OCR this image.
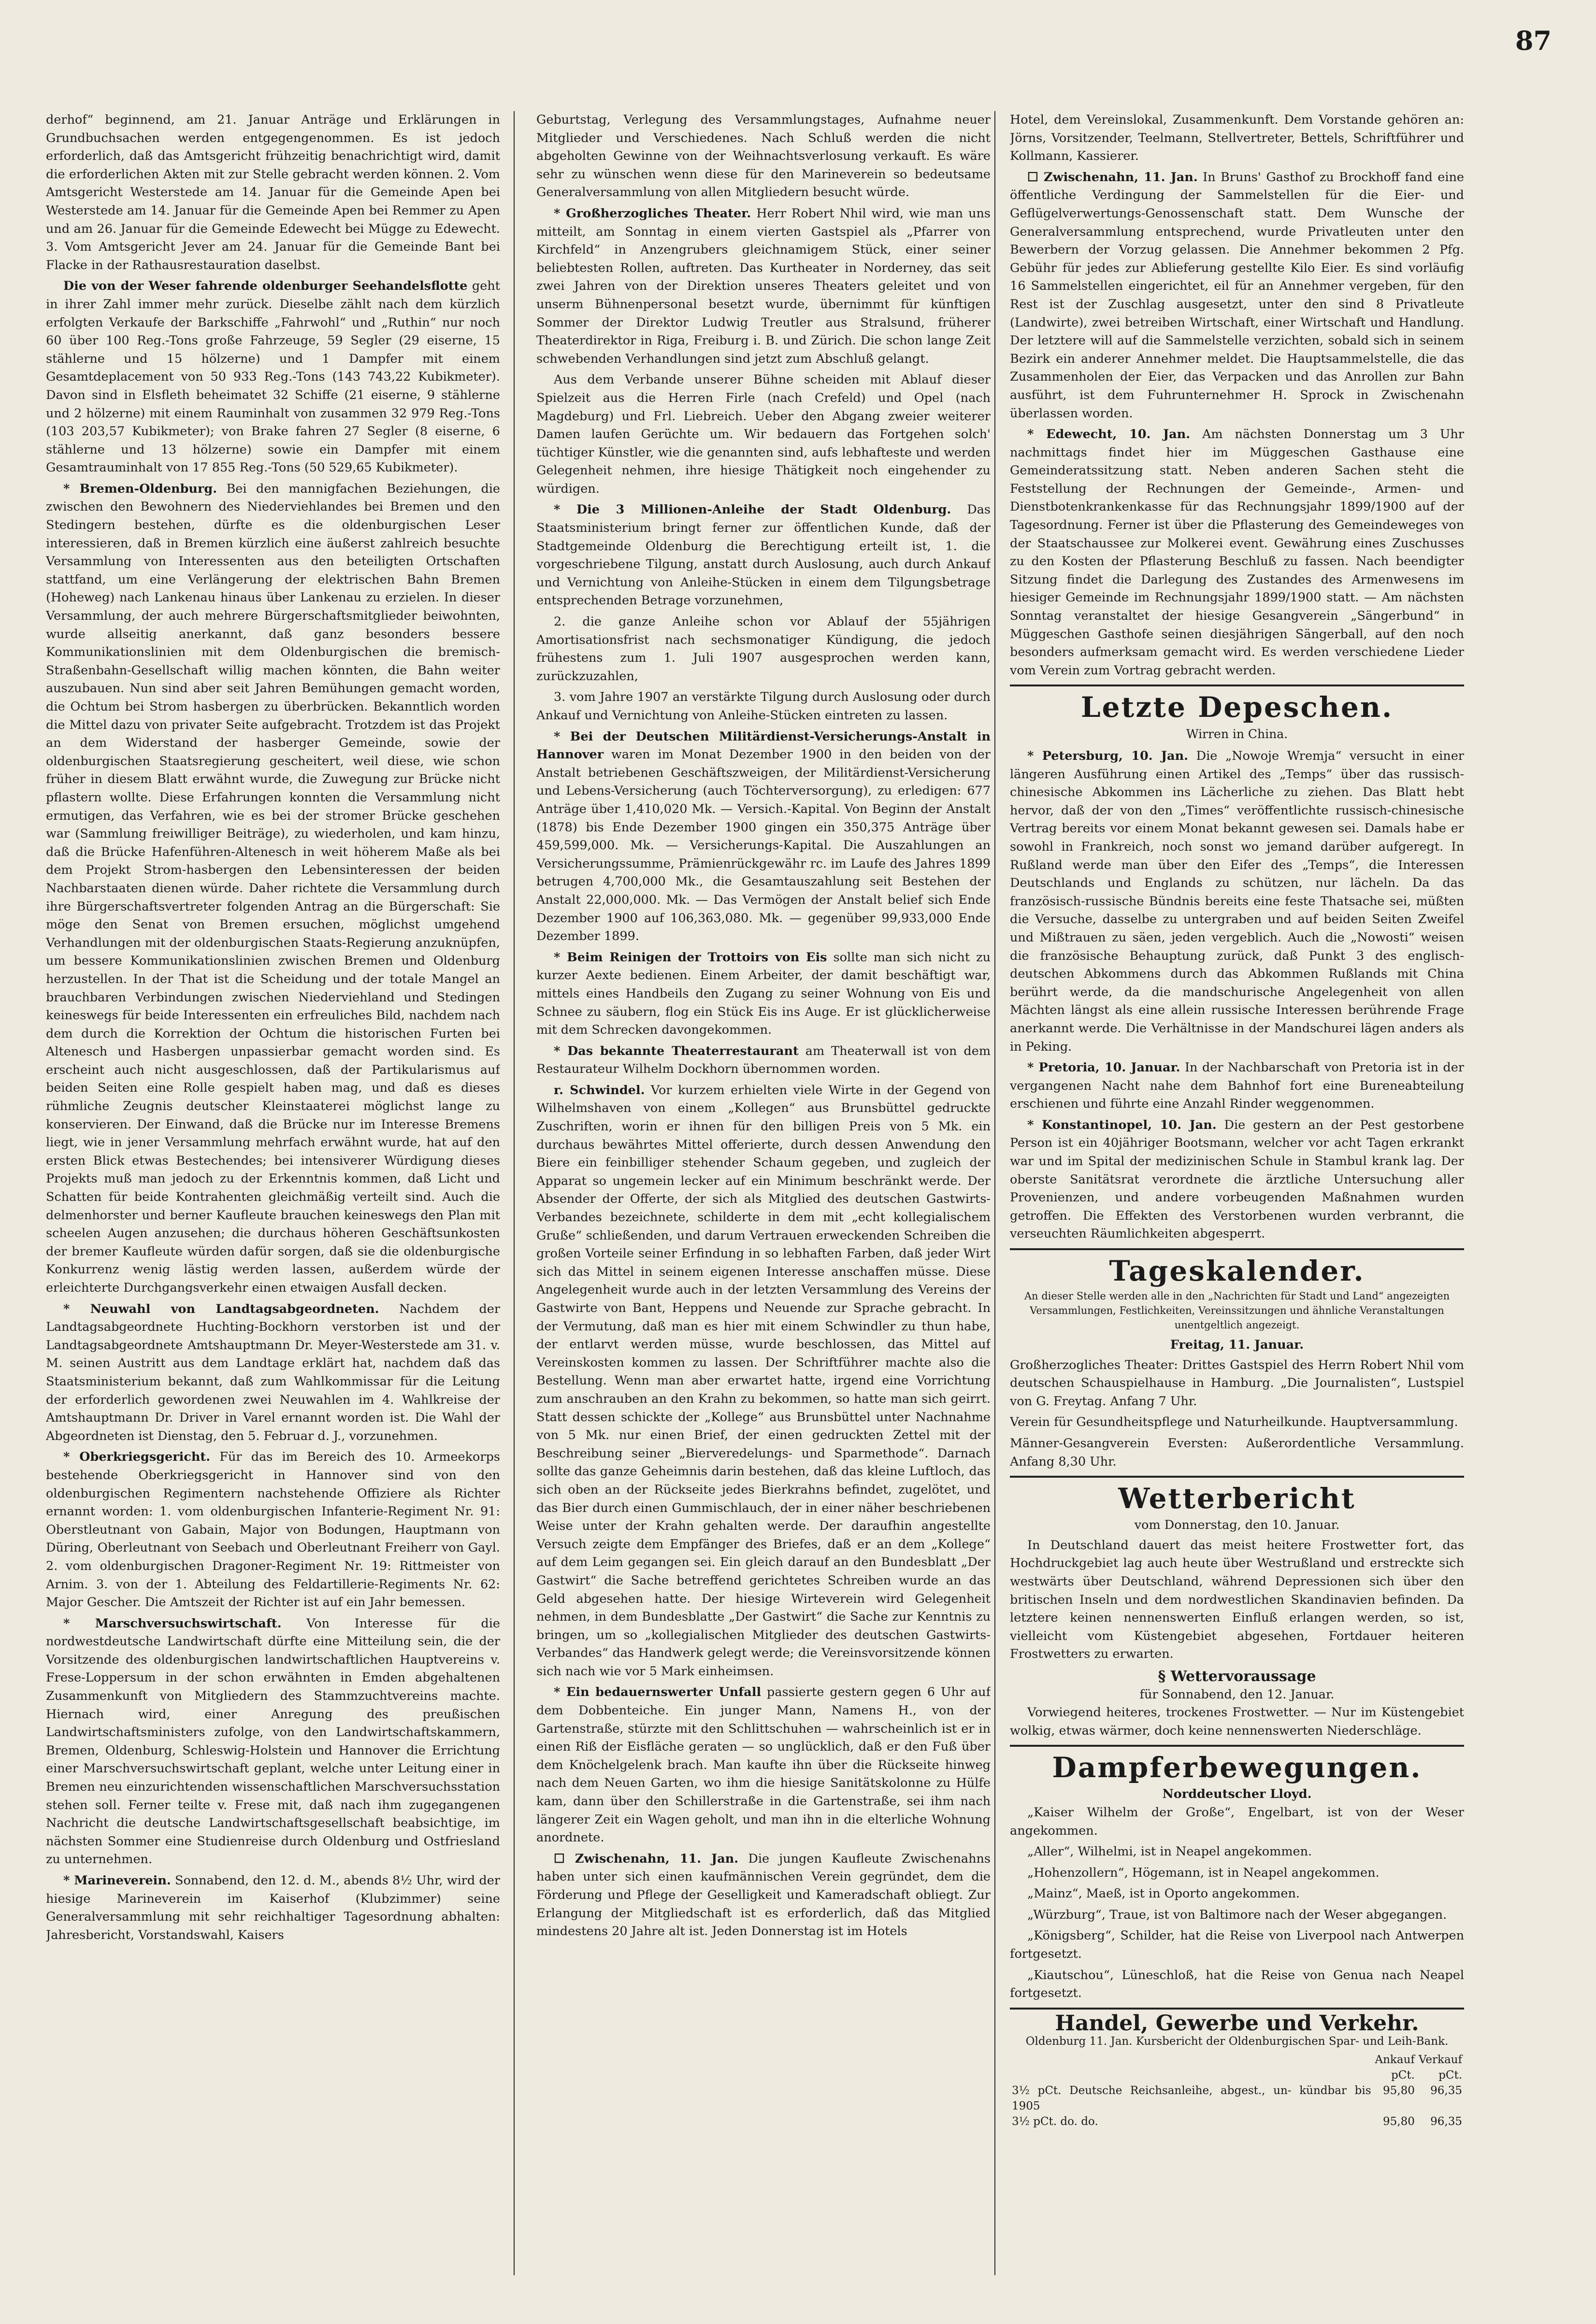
87

derhof“ beginnend, am 21. Januar Anträge und Erklärungen in Grundbuchsachen werden entgegengenommen. Es ist jedoch erforderlich, daß das Amtsgericht frühzeitig benachrichtigt wird, damit die erforderlichen Akten mit zur Stelle gebracht werden können. 2. Vom Amtsgericht Westerstede am 14. Januar für die Gemeinde Apen bei Westerstede am 14. Januar für die Gemeinde Apen bei Remmer zu Apen und am 26. Januar für die Gemeinde Edewecht bei Mügge zu Edewecht. 3. Vom Amtsgericht Jever am 24. Januar für die Gemeinde Bant bei Flacke in der Rathausrestauration daselbst.

Die von der Weser fahrende oldenburger Seehandelsflotte geht in ihrer Zahl immer mehr zurück. Dieselbe zählt nach dem kürzlich erfolgten Verkaufe der Barkschiffe „Fahrwohl“ und „Ruthin“ nur noch 60 über 100 Reg.-Tons große Fahrzeuge, 59 Segler (29 eiserne, 15 stählerne und 15 hölzerne) und 1 Dampfer mit einem Gesamtdeplacement von 50 933 Reg.-Tons (143 743,22 Kubikmeter). Davon sind in Elsfleth beheimatet 32 Schiffe (21 eiserne, 9 stählerne und 2 hölzerne) mit einem Rauminhalt von zusammen 32 979 Reg.-Tons (103 203,57 Kubikmeter); von Brake fahren 27 Segler (8 eiserne, 6 stählerne und 13 hölzerne) sowie ein Dampfer mit einem Gesamtrauminhalt von 17 855 Reg.-Tons (50 529,65 Kubikmeter).

* Bremen-Oldenburg. Bei den mannigfachen Beziehungen, die zwischen den Bewohnern des Niederviehlandes bei Bremen und den Stedingern bestehen, dürfte es die oldenburgischen Leser interessieren, daß in Bremen kürzlich eine äußerst zahlreich besuchte Versammlung von Interessenten aus den beteiligten Ortschaften stattfand, um eine Verlängerung der elektrischen Bahn Bremen (Hoheweg) nach Lankenau hinaus über Lankenau zu erzielen. In dieser Versammlung, der auch mehrere Bürgerschaftsmitglieder beiwohnten, wurde allseitig anerkannt, daß ganz besonders bessere Kommunikationslinien mit dem Oldenburgischen die bremisch-Straßenbahn-Gesellschaft willig machen könnten, die Bahn weiter auszubauen. Nun sind aber seit Jahren Bemühungen gemacht worden, die Ochtum bei Strom hasbergen zu überbrücken. Bekanntlich worden die Mittel dazu von privater Seite aufgebracht. Trotzdem ist das Projekt an dem Widerstand der hasberger Gemeinde, sowie der oldenburgischen Staatsregierung gescheitert, weil diese, wie schon früher in diesem Blatt erwähnt wurde, die Zuwegung zur Brücke nicht pflastern wollte. Diese Erfahrungen konnten die Versammlung nicht ermutigen, das Verfahren, wie es bei der stromer Brücke geschehen war (Sammlung freiwilliger Beiträge), zu wiederholen, und kam hinzu, daß die Brücke Hafenführen-Altenesch in weit höherem Maße als bei dem Projekt Strom-hasbergen den Lebensinteressen der beiden Nachbarstaaten dienen würde. Daher richtete die Versammlung durch ihre Bürgerschaftsvertreter folgenden Antrag an die Bürgerschaft: Sie möge den Senat von Bremen ersuchen, möglichst umgehend Verhandlungen mit der oldenburgischen Staats-Regierung anzuknüpfen, um bessere Kommunikationslinien zwischen Bremen und Oldenburg herzustellen. In der That ist die Scheidung und der totale Mangel an brauchbaren Verbindungen zwischen Niederviehland und Stedingen keineswegs für beide Interessenten ein erfreuliches Bild, nachdem nach dem durch die Korrektion der Ochtum die historischen Furten bei Altenesch und Hasbergen unpassierbar gemacht worden sind. Es erscheint auch nicht ausgeschlossen, daß der Partikularismus auf beiden Seiten eine Rolle gespielt haben mag, und daß es dieses rühmliche Zeugnis deutscher Kleinstaaterei möglichst lange zu konservieren. Der Einwand, daß die Brücke nur im Interesse Bremens liegt, wie in jener Versammlung mehrfach erwähnt wurde, hat auf den ersten Blick etwas Bestechendes; bei intensiverer Würdigung dieses Projekts muß man jedoch zu der Erkenntnis kommen, daß Licht und Schatten für beide Kontrahenten gleichmäßig verteilt sind. Auch die delmenhorster und berner Kaufleute brauchen keineswegs den Plan mit scheelen Augen anzusehen; die durchaus höheren Geschäftsunkosten der bremer Kaufleute würden dafür sorgen, daß sie die oldenburgische Konkurrenz wenig lästig werden lassen, außerdem würde der erleichterte Durchgangsverkehr einen etwaigen Ausfall decken.

* Neuwahl von Landtagsabgeordneten. Nachdem der Landtagsabgeordnete Huchting-Bockhorn verstorben ist und der Landtagsabgeordnete Amtshauptmann Dr. Meyer-Westerstede am 31. v. M. seinen Austritt aus dem Landtage erklärt hat, nachdem daß das Staatsministerium bekannt, daß zum Wahlkommissar für die Leitung der erforderlich gewordenen zwei Neuwahlen im 4. Wahlkreise der Amtshauptmann Dr. Driver in Varel ernannt worden ist. Die Wahl der Abgeordneten ist Dienstag, den 5. Februar d. J., vorzunehmen.

* Oberkriegsgericht. Für das im Bereich des 10. Armeekorps bestehende Oberkriegsgericht in Hannover sind von den oldenburgischen Regimentern nachstehende Offiziere als Richter ernannt worden: 1. vom oldenburgischen Infanterie-Regiment Nr. 91: Oberstleutnant von Gabain, Major von Bodungen, Hauptmann von Düring, Oberleutnant von Seebach und Oberleutnant Freiherr von Gayl. 2. vom oldenburgischen Dragoner-Regiment Nr. 19: Rittmeister von Arnim. 3. von der 1. Abteilung des Feldartillerie-Regiments Nr. 62: Major Gescher. Die Amtszeit der Richter ist auf ein Jahr bemessen.

* Marschversuchswirtschaft. Von Interesse für die nordwestdeutsche Landwirtschaft dürfte eine Mitteilung sein, die der Vorsitzende des oldenburgischen landwirtschaftlichen Hauptvereins v. Frese-Loppersum in der schon erwähnten in Emden abgehaltenen Zusammenkunft von Mitgliedern des Stammzuchtvereins machte. Hiernach wird, einer Anregung des preußischen Landwirtschaftsministers zufolge, von den Landwirtschaftskammern, Bremen, Oldenburg, Schleswig-Holstein und Hannover die Errichtung einer Marschversuchswirtschaft geplant, welche unter Leitung einer in Bremen neu einzurichtenden wissenschaftlichen Marschversuchsstation stehen soll. Ferner teilte v. Frese mit, daß nach ihm zugegangenen Nachricht die deutsche Landwirtschaftsgesellschaft beabsichtige, im nächsten Sommer eine Studienreise durch Oldenburg und Ostfriesland zu unternehmen.

* Marineverein. Sonnabend, den 12. d. M., abends 8½ Uhr, wird der hiesige Marineverein im Kaiserhof (Klubzimmer) seine Generalversammlung mit sehr reichhaltiger Tagesordnung abhalten: Jahresbericht, Vorstandswahl, Kaisers

Geburtstag, Verlegung des Versammlungstages, Aufnahme neuer Mitglieder und Verschiedenes. Nach Schluß werden die nicht abgeholten Gewinne von der Weihnachtsverlosung verkauft. Es wäre sehr zu wünschen wenn diese für den Marineverein so bedeutsame Generalversammlung von allen Mitgliedern besucht würde.

* Großherzogliches Theater. Herr Robert Nhil wird, wie man uns mitteilt, am Sonntag in einem vierten Gastspiel als „Pfarrer von Kirchfeld“ in Anzengrubers gleichnamigem Stück, einer seiner beliebtesten Rollen, auftreten. Das Kurtheater in Norderney, das seit zwei Jahren von der Direktion unseres Theaters geleitet und von unserm Bühnenpersonal besetzt wurde, übernimmt für künftigen Sommer der Direktor Ludwig Treutler aus Stralsund, früherer Theaterdirektor in Riga, Freiburg i. B. und Zürich. Die schon lange Zeit schwebenden Verhandlungen sind jetzt zum Abschluß gelangt.

Aus dem Verbande unserer Bühne scheiden mit Ablauf dieser Spielzeit aus die Herren Firle (nach Crefeld) und Opel (nach Magdeburg) und Frl. Liebreich. Ueber den Abgang zweier weiterer Damen laufen Gerüchte um. Wir bedauern das Fortgehen solch' tüchtiger Künstler, wie die genannten sind, aufs lebhafteste und werden Gelegenheit nehmen, ihre hiesige Thätigkeit noch eingehender zu würdigen.

* Die 3 Millionen-Anleihe der Stadt Oldenburg. Das Staatsministerium bringt ferner zur öffentlichen Kunde, daß der Stadtgemeinde Oldenburg die Berechtigung erteilt ist, 1. die vorgeschriebene Tilgung, anstatt durch Auslosung, auch durch Ankauf und Vernichtung von Anleihe-Stücken in einem dem Tilgungsbetrage entsprechenden Betrage vorzunehmen,

2. die ganze Anleihe schon vor Ablauf der 55jährigen Amortisationsfrist nach sechsmonatiger Kündigung, die jedoch frühestens zum 1. Juli 1907 ausgesprochen werden kann, zurückzuzahlen,

3. vom Jahre 1907 an verstärkte Tilgung durch Auslosung oder durch Ankauf und Vernichtung von Anleihe-Stücken eintreten zu lassen.

* Bei der Deutschen Militärdienst-Versicherungs-Anstalt in Hannover waren im Monat Dezember 1900 in den beiden von der Anstalt betriebenen Geschäftszweigen, der Militärdienst-Versicherung und Lebens-Versicherung (auch Töchterversorgung), zu erledigen: 677 Anträge über 1,410,020 Mk. — Versich.-Kapital. Von Beginn der Anstalt (1878) bis Ende Dezember 1900 gingen ein 350,375 Anträge über 459,599,000. Mk. — Versicherungs-Kapital. Die Auszahlungen an Versicherungssumme, Prämienrückgewähr rc. im Laufe des Jahres 1899 betrugen 4,700,000 Mk., die Gesamtauszahlung seit Bestehen der Anstalt 22,000,000. Mk. — Das Vermögen der Anstalt belief sich Ende Dezember 1900 auf 106,363,080. Mk. — gegenüber 99,933,000 Ende Dezember 1899.

* Beim Reinigen der Trottoirs von Eis sollte man sich nicht zu kurzer Aexte bedienen. Einem Arbeiter, der damit beschäftigt war, mittels eines Handbeils den Zugang zu seiner Wohnung von Eis und Schnee zu säubern, flog ein Stück Eis ins Auge. Er ist glücklicherweise mit dem Schrecken davongekommen.

* Das bekannte Theaterrestaurant am Theaterwall ist von dem Restaurateur Wilhelm Dockhorn übernommen worden.

r. Schwindel. Vor kurzem erhielten viele Wirte in der Gegend von Wilhelmshaven von einem „Kollegen“ aus Brunsbüttel gedruckte Zuschriften, worin er ihnen für den billigen Preis von 5 Mk. ein durchaus bewährtes Mittel offerierte, durch dessen Anwendung den Biere ein feinbilliger stehender Schaum gegeben, und zugleich der Apparat so ungemein lecker auf ein Minimum beschränkt werde. Der Absender der Offerte, der sich als Mitglied des deutschen Gastwirts-Verbandes bezeichnete, schilderte in dem mit „echt kollegialischem Gruße“ schließenden, und darum Vertrauen erweckenden Schreiben die großen Vorteile seiner Erfindung in so lebhaften Farben, daß jeder Wirt sich das Mittel in seinem eigenen Interesse anschaffen müsse. Diese Angelegenheit wurde auch in der letzten Versammlung des Vereins der Gastwirte von Bant, Heppens und Neuende zur Sprache gebracht. In der Vermutung, daß man es hier mit einem Schwindler zu thun habe, der entlarvt werden müsse, wurde beschlossen, das Mittel auf Vereinskosten kommen zu lassen. Der Schriftführer machte also die Bestellung. Wenn man aber erwartet hatte, irgend eine Vorrichtung zum anschrauben an den Krahn zu bekommen, so hatte man sich geirrt. Statt dessen schickte der „Kollege“ aus Brunsbüttel unter Nachnahme von 5 Mk. nur einen Brief, der einen gedruckten Zettel mit der Beschreibung seiner „Bierveredelungs- und Sparmethode“. Darnach sollte das ganze Geheimnis darin bestehen, daß das kleine Luftloch, das sich oben an der Rückseite jedes Bierkrahns befindet, zugelötet, und das Bier durch einen Gummischlauch, der in einer näher beschriebenen Weise unter der Krahn gehalten werde. Der daraufhin angestellte Versuch zeigte dem Empfänger des Briefes, daß er an dem „Kollege“ auf dem Leim gegangen sei. Ein gleich darauf an den Bundesblatt „Der Gastwirt“ die Sache betreffend gerichtetes Schreiben wurde an das Geld abgesehen hatte. Der hiesige Wirteverein wird Gelegenheit nehmen, in dem Bundesblatte „Der Gastwirt“ die Sache zur Kenntnis zu bringen, um so „kollegialischen Mitglieder des deutschen Gastwirts-Verbandes“ das Handwerk gelegt werde; die Vereinsvorsitzende können sich nach wie vor 5 Mark einheimsen.

* Ein bedauernswerter Unfall passierte gestern gegen 6 Uhr auf dem Dobbenteiche. Ein junger Mann, Namens H., von der Gartenstraße, stürzte mit den Schlittschuhen — wahrscheinlich ist er in einen Riß der Eisfläche geraten — so unglücklich, daß er den Fuß über dem Knöchelgelenk brach. Man kaufte ihn über die Rückseite hinweg nach dem Neuen Garten, wo ihm die hiesige Sanitätskolonne zu Hülfe kam, dann über den Schillerstraße in die Gartenstraße, sei ihm nach längerer Zeit ein Wagen geholt, und man ihn in die elterliche Wohnung anordnete.

☐ Zwischenahn, 11. Jan. Die jungen Kaufleute Zwischenahns haben unter sich einen kaufmännischen Verein gegründet, dem die Förderung und Pflege der Geselligkeit und Kameradschaft obliegt. Zur Erlangung der Mitgliedschaft ist es erforderlich, daß das Mitglied mindestens 20 Jahre alt ist. Jeden Donnerstag ist im Hotels

Hotel, dem Vereinslokal, Zusammenkunft. Dem Vorstande gehören an: Jörns, Vorsitzender, Teelmann, Stellvertreter, Bettels, Schriftführer und Kollmann, Kassierer.

☐ Zwischenahn, 11. Jan. In Bruns' Gasthof zu Brockhoff fand eine öffentliche Verdingung der Sammelstellen für die Eier- und Geflügelverwertungs-Genossenschaft statt. Dem Wunsche der Generalversammlung entsprechend, wurde Privatleuten unter den Bewerbern der Vorzug gelassen. Die Annehmer bekommen 2 Pfg. Gebühr für jedes zur Ablieferung gestellte Kilo Eier. Es sind vorläufig 16 Sammelstellen eingerichtet, eil für an Annehmer vergeben, für den Rest ist der Zuschlag ausgesetzt, unter den sind 8 Privatleute (Landwirte), zwei betreiben Wirtschaft, einer Wirtschaft und Handlung. Der letztere will auf die Sammelstelle verzichten, sobald sich in seinem Bezirk ein anderer Annehmer meldet. Die Hauptsammelstelle, die das Zusammenholen der Eier, das Verpacken und das Anrollen zur Bahn ausführt, ist dem Fuhrunternehmer H. Sprock in Zwischenahn überlassen worden.

* Edewecht, 10. Jan. Am nächsten Donnerstag um 3 Uhr nachmittags findet hier im Müggeschen Gasthause eine Gemeinderatssitzung statt. Neben anderen Sachen steht die Feststellung der Rechnungen der Gemeinde-, Armen- und Dienstbotenkrankenkasse für das Rechnungsjahr 1899/1900 auf der Tagesordnung. Ferner ist über die Pflasterung des Gemeindeweges von der Staatschaussee zur Molkerei event. Gewährung eines Zuschusses zu den Kosten der Pflasterung Beschluß zu fassen. Nach beendigter Sitzung findet die Darlegung des Zustandes des Armenwesens im hiesiger Gemeinde im Rechnungsjahr 1899/1900 statt. — Am nächsten Sonntag veranstaltet der hiesige Gesangverein „Sängerbund“ in Müggeschen Gasthofe seinen diesjährigen Sängerball, auf den noch besonders aufmerksam gemacht wird. Es werden verschiedene Lieder vom Verein zum Vortrag gebracht werden.

Letzte Depeschen.
Wirren in China.

* Petersburg, 10. Jan. Die „Nowoje Wremja“ versucht in einer längeren Ausführung einen Artikel des „Temps“ über das russisch-chinesische Abkommen ins Lächerliche zu ziehen. Das Blatt hebt hervor, daß der von den „Times“ veröffentlichte russisch-chinesische Vertrag bereits vor einem Monat bekannt gewesen sei. Damals habe er sowohl in Frankreich, noch sonst wo jemand darüber aufgeregt. In Rußland werde man über den Eifer des „Temps“, die Interessen Deutschlands und Englands zu schützen, nur lächeln. Da das französisch-russische Bündnis bereits eine feste Thatsache sei, müßten die Versuche, dasselbe zu untergraben und auf beiden Seiten Zweifel und Mißtrauen zu säen, jeden vergeblich. Auch die „Nowosti“ weisen die französische Behauptung zurück, daß Punkt 3 des englisch-deutschen Abkommens durch das Abkommen Rußlands mit China berührt werde, da die mandschurische Angelegenheit von allen Mächten längst als eine allein russische Interessen berührende Frage anerkannt werde. Die Verhältnisse in der Mandschurei lägen anders als in Peking.

* Pretoria, 10. Januar. In der Nachbarschaft von Pretoria ist in der vergangenen Nacht nahe dem Bahnhof fort eine Bureneabteilung erschienen und führte eine Anzahl Rinder weggenommen.

* Konstantinopel, 10. Jan. Die gestern an der Pest gestorbene Person ist ein 40jähriger Bootsmann, welcher vor acht Tagen erkrankt war und im Spital der medizinischen Schule in Stambul krank lag. Der oberste Sanitätsrat verordnete die ärztliche Untersuchung aller Provenienzen, und andere vorbeugenden Maßnahmen wurden getroffen. Die Effekten des Verstorbenen wurden verbrannt, die verseuchten Räumlichkeiten abgesperrt.

Tageskalender.
An dieser Stelle werden alle in den „Nachrichten für Stadt und Land“ angezeigten Versammlungen, Festlichkeiten, Vereinssitzungen und ähnliche Veranstaltungen unentgeltlich angezeigt.
Freitag, 11. Januar.

Großherzogliches Theater: Drittes Gastspiel des Herrn Robert Nhil vom deutschen Schauspielhause in Hamburg. „Die Journalisten“, Lustspiel von G. Freytag. Anfang 7 Uhr.

Verein für Gesundheitspflege und Naturheilkunde. Hauptversammlung.

Männer-Gesangverein Eversten: Außerordentliche Versammlung. Anfang 8,30 Uhr.

Wetterbericht
vom Donnerstag, den 10. Januar.

In Deutschland dauert das meist heitere Frostwetter fort, das Hochdruckgebiet lag auch heute über Westrußland und erstreckte sich westwärts über Deutschland, während Depressionen sich über den britischen Inseln und dem nordwestlichen Skandinavien befinden. Da letztere keinen nennenswerten Einfluß erlangen werden, so ist, vielleicht vom Küstengebiet abgesehen, Fortdauer heiteren Frostwetters zu erwarten.

§ Wettervoraussage
für Sonnabend, den 12. Januar.

Vorwiegend heiteres, trockenes Frostwetter. — Nur im Küstengebiet wolkig, etwas wärmer, doch keine nennenswerten Niederschläge.

Dampferbewegungen.
Norddeutscher Lloyd.

„Kaiser Wilhelm der Große“, Engelbart, ist von der Weser angekommen.

„Aller“, Wilhelmi, ist in Neapel angekommen.

„Hohenzollern“, Högemann, ist in Neapel angekommen.

„Mainz“, Maeß, ist in Oporto angekommen.

„Würzburg“, Traue, ist von Baltimore nach der Weser abgegangen.

„Königsberg“, Schilder, hat die Reise von Liverpool nach Antwerpen fortgesetzt.

„Kiautschou“, Lüneschloß, hat die Reise von Genua nach Neapel fortgesetzt.

Handel, Gewerbe und Verkehr.
Oldenburg 11. Jan. Kursbericht der Oldenburgischen Spar- und Leih-Bank.
	Ankauf	Verkauf
	pCt.	pCt.
3½ pCt. Deutsche Reichsanleihe, abgest., un- kündbar bis 1905	95,80	96,35
3½ pCt. do. do.	95,80	96,35
